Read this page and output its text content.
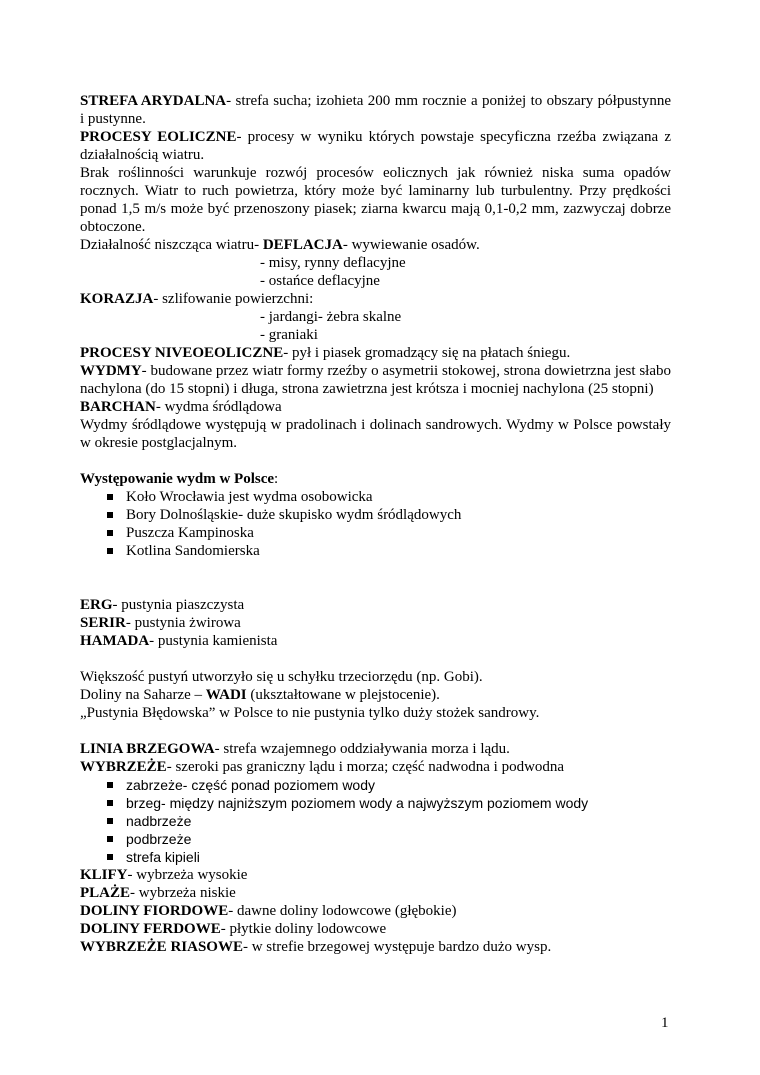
STREFA ARYDALNA- strefa sucha; izohieta 200 mm rocznie a poniżej to obszary półpustynne i pustynne.

PROCESY EOLICZNE- procesy w wyniku których powstaje specyficzna rzeźba związana z działalnością wiatru.

Brak roślinności warunkuje rozwój procesów eolicznych jak również niska suma opadów rocznych. Wiatr to ruch powietrza, który może być laminarny lub turbulentny. Przy prędkości ponad 1,5 m/s może być przenoszony piasek; ziarna kwarcu mają 0,1-0,2 mm, zazwyczaj dobrze obtoczone.

Działalność niszcząca wiatru- DEFLACJA- wywiewanie osadów.

- misy, rynny deflacyjne

- ostańce deflacyjne

KORAZJA- szlifowanie powierzchni:

- jardangi- żebra skalne

- graniaki

PROCESY NIVEOEOLICZNE- pył i piasek gromadzący się na płatach śniegu.

WYDMY- budowane przez wiatr formy rzeźby o asymetrii stokowej, strona dowietrzna jest słabo nachylona (do 15 stopni) i długa, strona zawietrzna jest krótsza i mocniej nachylona (25 stopni)

BARCHAN- wydma śródlądowa

Wydmy śródlądowe występują w pradolinach i dolinach sandrowych. Wydmy w Polsce powstały w okresie postglacjalnym.

Występowanie wydm w Polsce:

Koło Wrocławia jest wydma osobowicka
Bory Dolnośląskie- duże skupisko wydm śródlądowych
Puszcza Kampinoska
Kotlina Sandomierska

ERG- pustynia piaszczysta

SERIR- pustynia żwirowa

HAMADA- pustynia kamienista

Większość pustyń utworzyło się u schyłku trzeciorzędu (np. Gobi).

Doliny na Saharze – WADI (ukształtowane w plejstocenie).

„Pustynia Błędowska” w Polsce to nie pustynia tylko duży stożek sandrowy.

LINIA BRZEGOWA- strefa wzajemnego oddziaływania morza i lądu.

WYBRZEŻE- szeroki pas graniczny lądu i morza; część nadwodna i podwodna

zabrzeże- część ponad poziomem wody
brzeg- między najniższym poziomem wody a najwyższym poziomem wody
nadbrzeże
podbrzeże
strefa kipieli

KLIFY- wybrzeża wysokie

PLAŻE- wybrzeża niskie

DOLINY FIORDOWE- dawne doliny lodowcowe (głębokie)

DOLINY FERDOWE- płytkie doliny lodowcowe

WYBRZEŻE RIASOWE- w strefie brzegowej występuje bardzo dużo wysp.

1
